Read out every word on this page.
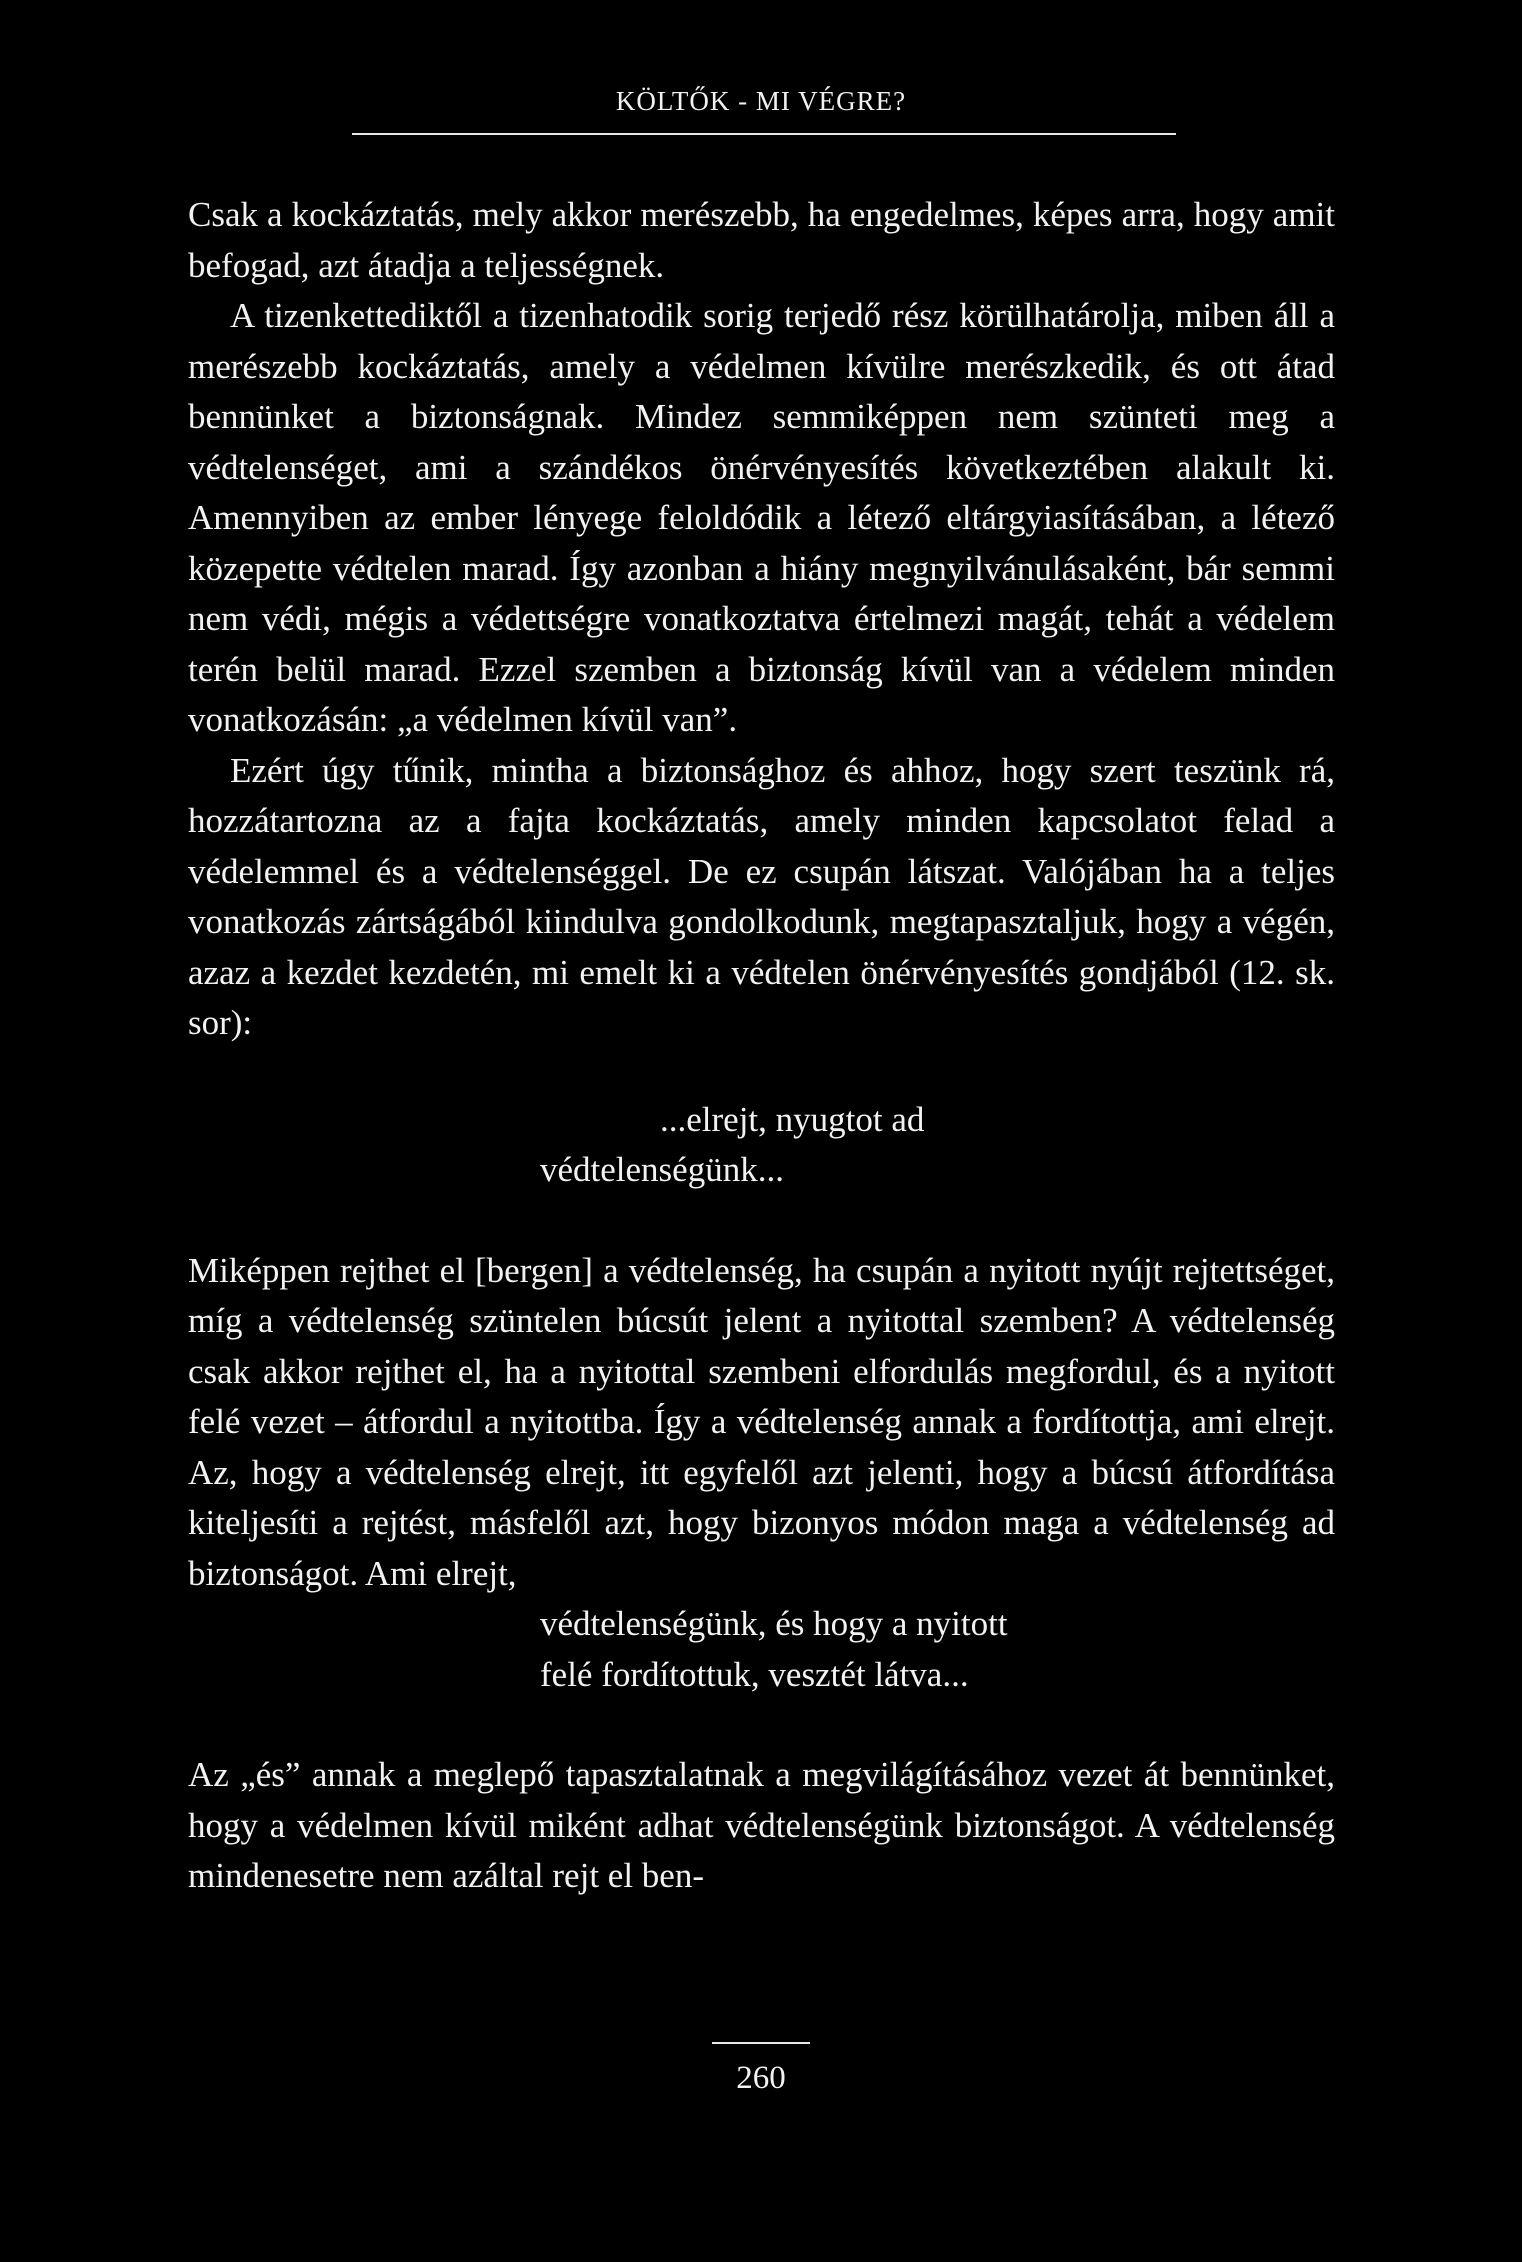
KÖLTŐK - MI VÉGRE?

Csak a kockáztatás, mely akkor merészebb, ha engedelmes, képes arra, hogy amit befogad, azt átadja a teljességnek.

A tizenkettediktől a tizenhatodik sorig terjedő rész körülhatárolja, miben áll a merészebb kockáztatás, amely a védelmen kívülre merészkedik, és ott átad bennünket a biztonságnak. Mindez semmiképpen nem szünteti meg a védtelenséget, ami a szándékos önérvényesítés következtében alakult ki. Amennyiben az ember lényege feloldódik a létező eltárgyiasításában, a létező közepette védtelen marad. Így azonban a hiány megnyilvánulásaként, bár semmi nem védi, mégis a védettségre vonatkoztatva értelmezi magát, tehát a védelem terén belül marad. Ezzel szemben a biztonság kívül van a védelem minden vonatkozásán: „a védelmen kívül van”.

Ezért úgy tűnik, mintha a biztonsághoz és ahhoz, hogy szert teszünk rá, hozzátartozna az a fajta kockáztatás, amely minden kapcsolatot felad a védelemmel és a védtelenséggel. De ez csupán látszat. Valójában ha a teljes vonatkozás zártságából kiindulva gondolkodunk, megtapasztaljuk, hogy a végén, azaz a kezdet kezdetén, mi emelt ki a védtelen önérvényesítés gondjából (12. sk. sor):

...elrejt, nyugtot ad
védtelenségünk...

Miképpen rejthet el [bergen] a védtelenség, ha csupán a nyitott nyújt rejtettséget, míg a védtelenség szüntelen búcsút jelent a nyitottal szemben? A védtelenség csak akkor rejthet el, ha a nyitottal szembeni elfordulás megfordul, és a nyitott felé vezet – átfordul a nyitottba. Így a védtelenség annak a fordítottja, ami elrejt. Az, hogy a védtelenség elrejt, itt egyfelől azt jelenti, hogy a búcsú átfordítása kiteljesíti a rejtést, másfelől azt, hogy bizonyos módon maga a védtelenség ad biztonságot. Ami elrejt,

védtelenségünk, és hogy a nyitott
felé fordítottuk, vesztét látva...

Az „és” annak a meglepő tapasztalatnak a megvilágításához vezet át bennünket, hogy a védelmen kívül miként adhat védtelenségünk biztonságot. A védtelenség mindenesetre nem azáltal rejt el ben-

260
